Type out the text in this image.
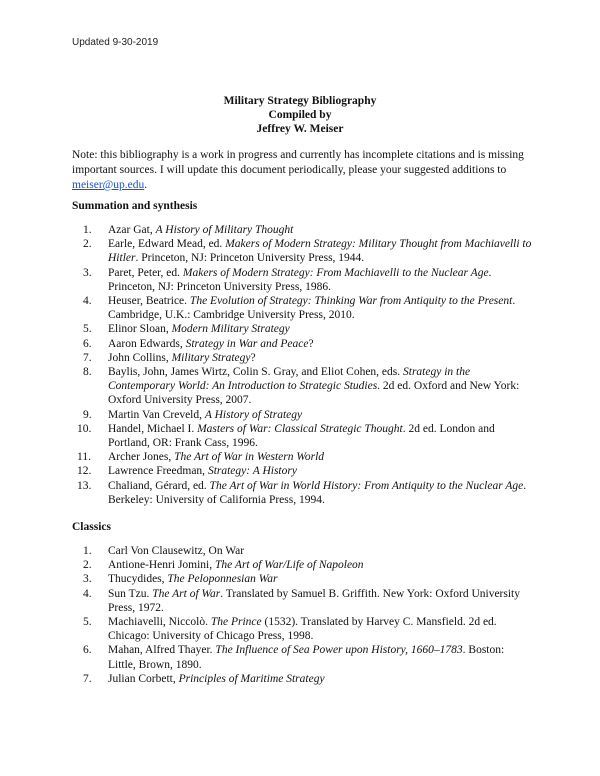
Updated 9-30-2019
Military Strategy Bibliography
Compiled by
Jeffrey W. Meiser
Note: this bibliography is a work in progress and currently has incomplete citations and is missing important sources. I will update this document periodically, please your suggested additions to meiser@up.edu.
Summation and synthesis
1. Azar Gat, A History of Military Thought
2. Earle, Edward Mead, ed. Makers of Modern Strategy: Military Thought from Machiavelli to Hitler. Princeton, NJ: Princeton University Press, 1944.
3. Paret, Peter, ed. Makers of Modern Strategy: From Machiavelli to the Nuclear Age. Princeton, NJ: Princeton University Press, 1986.
4. Heuser, Beatrice. The Evolution of Strategy: Thinking War from Antiquity to the Present. Cambridge, U.K.: Cambridge University Press, 2010.
5. Elinor Sloan, Modern Military Strategy
6. Aaron Edwards, Strategy in War and Peace?
7. John Collins, Military Strategy?
8. Baylis, John, James Wirtz, Colin S. Gray, and Eliot Cohen, eds. Strategy in the Contemporary World: An Introduction to Strategic Studies. 2d ed. Oxford and New York: Oxford University Press, 2007.
9. Martin Van Creveld, A History of Strategy
10. Handel, Michael I. Masters of War: Classical Strategic Thought. 2d ed. London and Portland, OR: Frank Cass, 1996.
11. Archer Jones, The Art of War in Western World
12. Lawrence Freedman, Strategy: A History
13. Chaliand, Gérard, ed. The Art of War in World History: From Antiquity to the Nuclear Age. Berkeley: University of California Press, 1994.
Classics
1. Carl Von Clausewitz, On War
2. Antione-Henri Jomini, The Art of War/Life of Napoleon
3. Thucydides, The Peloponnesian War
4. Sun Tzu. The Art of War. Translated by Samuel B. Griffith. New York: Oxford University Press, 1972.
5. Machiavelli, Niccolò. The Prince (1532). Translated by Harvey C. Mansfield. 2d ed. Chicago: University of Chicago Press, 1998.
6. Mahan, Alfred Thayer. The Influence of Sea Power upon History, 1660–1783. Boston: Little, Brown, 1890.
7. Julian Corbett, Principles of Maritime Strategy
